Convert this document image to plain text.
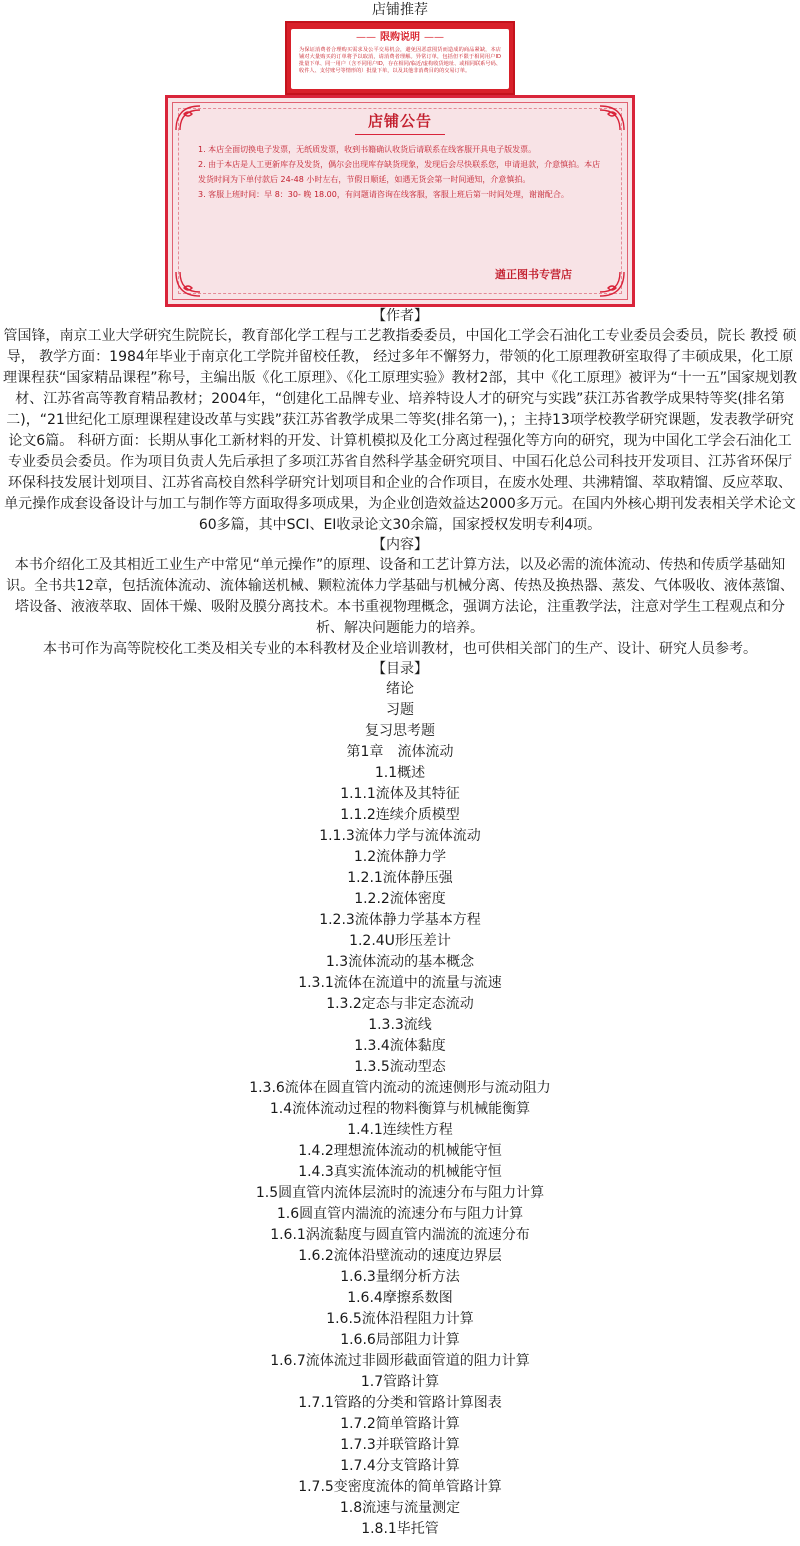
店铺推荐
—— 限购说明 ——
为保证消费者合理购买需求及公平交易机会，避免因恶意囤货而造成的商品紧缺，本店铺对大量购买的订单将予以取消，请消费者理解。异常订单，包括但不限于相同用户ID批量下单、同一用户（含不同用户ID，存在相同/临近/虚构收货地址、或相同联系号码、收件人、支付账号等情形的）批量下单，以及其他非消费目的的交易订单。
店铺公告
1. 本店全面切换电子发票，无纸质发票，收到书籍确认收货后请联系在线客服开具电子版发票。
2. 由于本店是人工更新库存及发货，偶尔会出现库存缺货现象，发现后会尽快联系您，申请退款，介意慎拍。本店发货时间为下单付款后 24-48 小时左右，节假日顺延，如遇无货会第一时间通知，介意慎拍。
3. 客服上班时间：早 8：30- 晚 18.00，有问题请咨询在线客服，客服上班后第一时间处理，谢谢配合。
遒正图书专营店
【作者】

管国锋，南京工业大学研究生院院长，教育部化学工程与工艺教指委委员，中国化工学会石油化工专业委员会委员，院长 教授 硕导， 教学方面：1984年毕业于南京化工学院并留校任教， 经过多年不懈努力，带领的化工原理教研室取得了丰硕成果，化工原理课程获“国家精品课程”称号，主编出版《化工原理》、《化工原理实验》教材2部，其中《化工原理》被评为“十一五”国家规划教材、江苏省高等教育精品教材；2004年，“创建化工品牌专业、培养特设人才的研究与实践”获江苏省教学成果特等奖(排名第二)，“21世纪化工原理课程建设改革与实践”获江苏省教学成果二等奖(排名第一)，；主持13项学校教学研究课题，发表教学研究论文6篇。 科研方面：长期从事化工新材料的开发、计算机模拟及化工分离过程强化等方向的研究，现为中国化工学会石油化工专业委员会委员。作为项目负责人先后承担了多项江苏省自然科学基金研究项目、中国石化总公司科技开发项目、江苏省环保厅环保科技发展计划项目、江苏省高校自然科学研究计划项目和企业的合作项目，在废水处理、共沸精馏、萃取精馏、反应萃取、单元操作成套设备设计与加工与制作等方面取得多项成果，为企业创造效益达2000多万元。在国内外核心期刊发表相关学术论文60多篇，其中SCI、EI收录论文30余篇，国家授权发明专利4项。

【内容】

本书介绍化工及其相近工业生产中常见“单元操作”的原理、设备和工艺计算方法，以及必需的流体流动、传热和传质学基础知识。全书共12章，包括流体流动、流体输送机械、颗粒流体力学基础与机械分离、传热及换热器、蒸发、气体吸收、液体蒸馏、塔设备、液液萃取、固体干燥、吸附及膜分离技术。本书重视物理概念，强调方法论，注重教学法，注意对学生工程观点和分析、解决问题能力的培养。

本书可作为高等院校化工类及相关专业的本科教材及企业培训教材，也可供相关部门的生产、设计、研究人员参考。

【目录】
绪论
习题
复习思考题
第1章　流体流动
1.1概述
1.1.1流体及其特征
1.1.2连续介质模型
1.1.3流体力学与流体流动
1.2流体静力学
1.2.1流体静压强
1.2.2流体密度
1.2.3流体静力学基本方程
1.2.4U形压差计
1.3流体流动的基本概念
1.3.1流体在流道中的流量与流速
1.3.2定态与非定态流动
1.3.3流线
1.3.4流体黏度
1.3.5流动型态
1.3.6流体在圆直管内流动的流速侧形与流动阻力
1.4流体流动过程的物料衡算与机械能衡算
1.4.1连续性方程
1.4.2理想流体流动的机械能守恒
1.4.3真实流体流动的机械能守恒
1.5圆直管内流体层流时的流速分布与阻力计算
1.6圆直管内湍流的流速分布与阻力计算
1.6.1涡流黏度与圆直管内湍流的流速分布
1.6.2流体沿壁流动的速度边界层
1.6.3量纲分析方法
1.6.4摩擦系数图
1.6.5流体沿程阻力计算
1.6.6局部阻力计算
1.6.7流体流过非圆形截面管道的阻力计算
1.7管路计算
1.7.1管路的分类和管路计算图表
1.7.2简单管路计算
1.7.3并联管路计算
1.7.4分支管路计算
1.7.5变密度流体的简单管路计算
1.8流速与流量测定
1.8.1毕托管
